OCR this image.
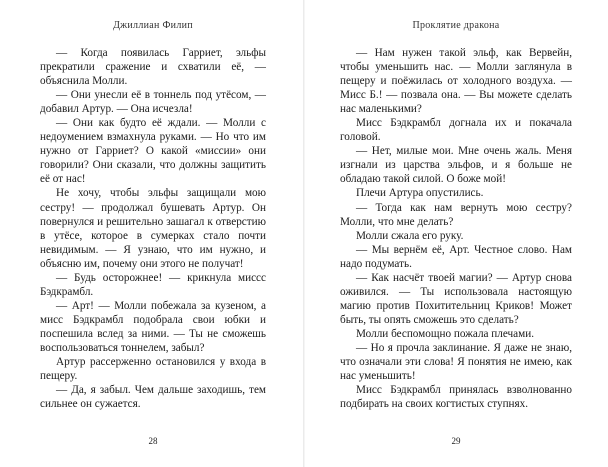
Джиллиан Филип

— Когда появилась Гарриет, эльфы прекратили сражение и схватили её, — объяснила Молли.

— Они унесли её в тоннель под утёсом, — добавил Артур. — Она исчезла!

— Они как будто её ждали. — Молли с недоумением взмахнула руками. — Но что им нужно от Гарриет? О какой «миссии» они говорили? Они сказали, что должны защитить её от нас!

Не хочу, чтобы эльфы защищали мою сестру! — продолжал бушевать Артур. Он повернулся и решительно зашагал к отверстию в утёсе, которое в сумерках стало почти невидимым. — Я узнаю, что им нужно, и объясню им, почему они этого не получат!

— Будь осторожнее! — крикнула миссс Бэдкрамбл.

— Арт! — Молли побежала за кузеном, а мисс Бэдкрамбл подобрала свои юбки и поспешила вслед за ними. — Ты не сможешь воспользоваться тоннелем, забыл?

Артур рассерженно остановился у входа в пещеру.

— Да, я забыл. Чем дальше заходишь, тем сильнее он сужается.

28
Проклятие дракона

— Нам нужен такой эльф, как Вервейн, чтобы уменьшить нас. — Молли заглянула в пещеру и поёжилась от холодного воздуха. — Мисс Б.! — позвала она. — Вы можете сделать нас маленькими?

Мисс Бэдкрамбл догнала их и покачала головой.

— Нет, милые мои. Мне очень жаль. Меня изгнали из царства эльфов, и я больше не обладаю такой силой. О боже мой!

Плечи Артура опустились.

— Тогда как нам вернуть мою сестру? Молли, что мне делать?

Молли сжала его руку.

— Мы вернём её, Арт. Честное слово. Нам надо подумать.

— Как насчёт твоей магии? — Артур снова оживился. — Ты использовала настоящую магию против Похитительниц Криков! Может быть, ты опять сможешь это сделать?

Молли беспомощно пожала плечами.

— Но я прочла заклинание. Я даже не знаю, что означали эти слова! Я понятия не имею, как нас уменьшить!

Мисс Бэдкрамбл принялась взволнованно подбирать на своих когтистых ступнях.

29
